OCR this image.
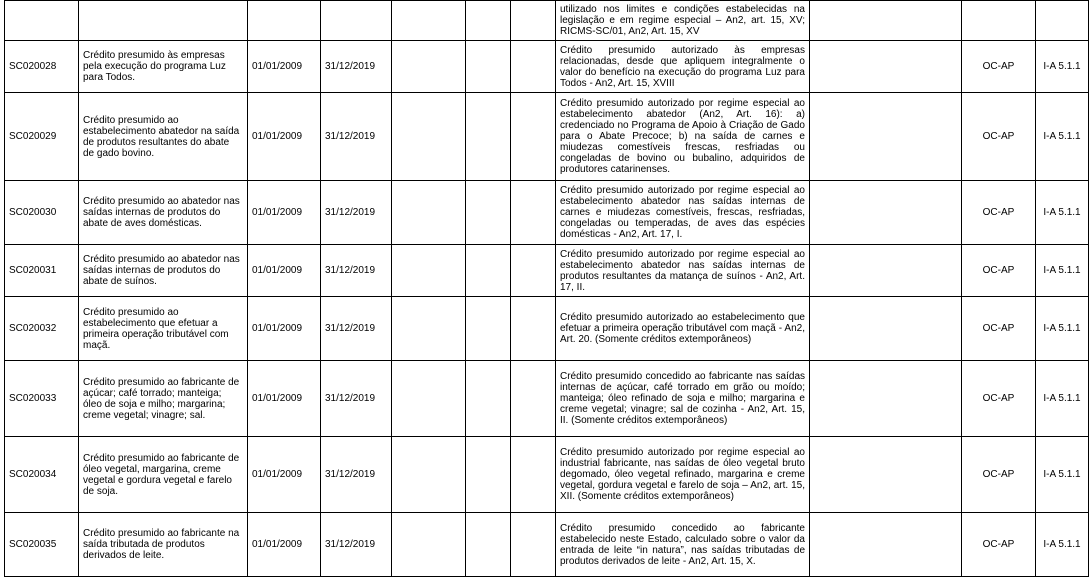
							utilizado nos limites e condições estabelecidas na legislação e em regime especial – An2, art. 15, XV; RICMS-SC/01, An2, Art. 15, XV			

SC020028	Crédito presumido às empresas pela execução do programa Luz para Todos.	01/01/2009	31/12/2019				Crédito presumido autorizado às empresas relacionadas, desde que apliquem integralmente o valor do benefício na execução do programa Luz para Todos - An2, Art. 15, XVIII		OC-AP	I-A 5.1.1

SC020029	Crédito presumido ao estabelecimento abatedor na saída de produtos resultantes do abate de gado bovino.	01/01/2009	31/12/2019				Crédito presumido autorizado por regime especial ao estabelecimento abatedor (An2, Art. 16): a) credenciado no Programa de Apoio à Criação de Gado para o Abate Precoce; b) na saída de carnes e miudezas comestíveis frescas, resfriadas ou congeladas de bovino ou bubalino, adquiridos de produtores catarinenses.		OC-AP	I-A 5.1.1

SC020030	Crédito presumido ao abatedor nas saídas internas de produtos do abate de aves domésticas.	01/01/2009	31/12/2019				Crédito presumido autorizado por regime especial ao estabelecimento abatedor nas saídas internas de carnes e miudezas comestíveis, frescas, resfriadas, congeladas ou temperadas, de aves das espécies domésticas - An2, Art. 17, I.		OC-AP	I-A 5.1.1

SC020031	Crédito presumido ao abatedor nas saídas internas de produtos do abate de suínos.	01/01/2009	31/12/2019				Crédito presumido autorizado por regime especial ao estabelecimento abatedor nas saídas internas de produtos resultantes da matança de suínos - An2, Art. 17, II.		OC-AP	I-A 5.1.1

SC020032	Crédito presumido ao estabelecimento que efetuar a primeira operação tributável com maçã.	01/01/2009	31/12/2019				Crédito presumido autorizado ao estabelecimento que efetuar a primeira operação tributável com maçã - An2, Art. 20. (Somente créditos extemporâneos)		OC-AP	I-A 5.1.1

SC020033	Crédito presumido ao fabricante de açúcar; café torrado; manteiga; óleo de soja e milho; margarina; creme vegetal; vinagre; sal.	01/01/2009	31/12/2019				Crédito presumido concedido ao fabricante nas saídas internas de açúcar, café torrado em grão ou moído; manteiga; óleo refinado de soja e milho; margarina e creme vegetal; vinagre; sal de cozinha - An2, Art. 15, II. (Somente créditos extemporâneos)		OC-AP	I-A 5.1.1

SC020034	Crédito presumido ao fabricante de óleo vegetal, margarina, creme vegetal e gordura vegetal e farelo de soja.	01/01/2009	31/12/2019				Crédito presumido autorizado por regime especial ao industrial fabricante, nas saídas de óleo vegetal bruto degomado, óleo vegetal refinado, margarina e creme vegetal, gordura vegetal e farelo de soja – An2, art. 15, XII. (Somente créditos extemporâneos)		OC-AP	I-A 5.1.1

SC020035	Crédito presumido ao fabricante na saída tributada de produtos derivados de leite.	01/01/2009	31/12/2019				Crédito presumido concedido ao fabricante estabelecido neste Estado, calculado sobre o valor da entrada de leite “in natura”, nas saídas tributadas de produtos derivados de leite - An2, Art. 15, X.		OC-AP	I-A 5.1.1
